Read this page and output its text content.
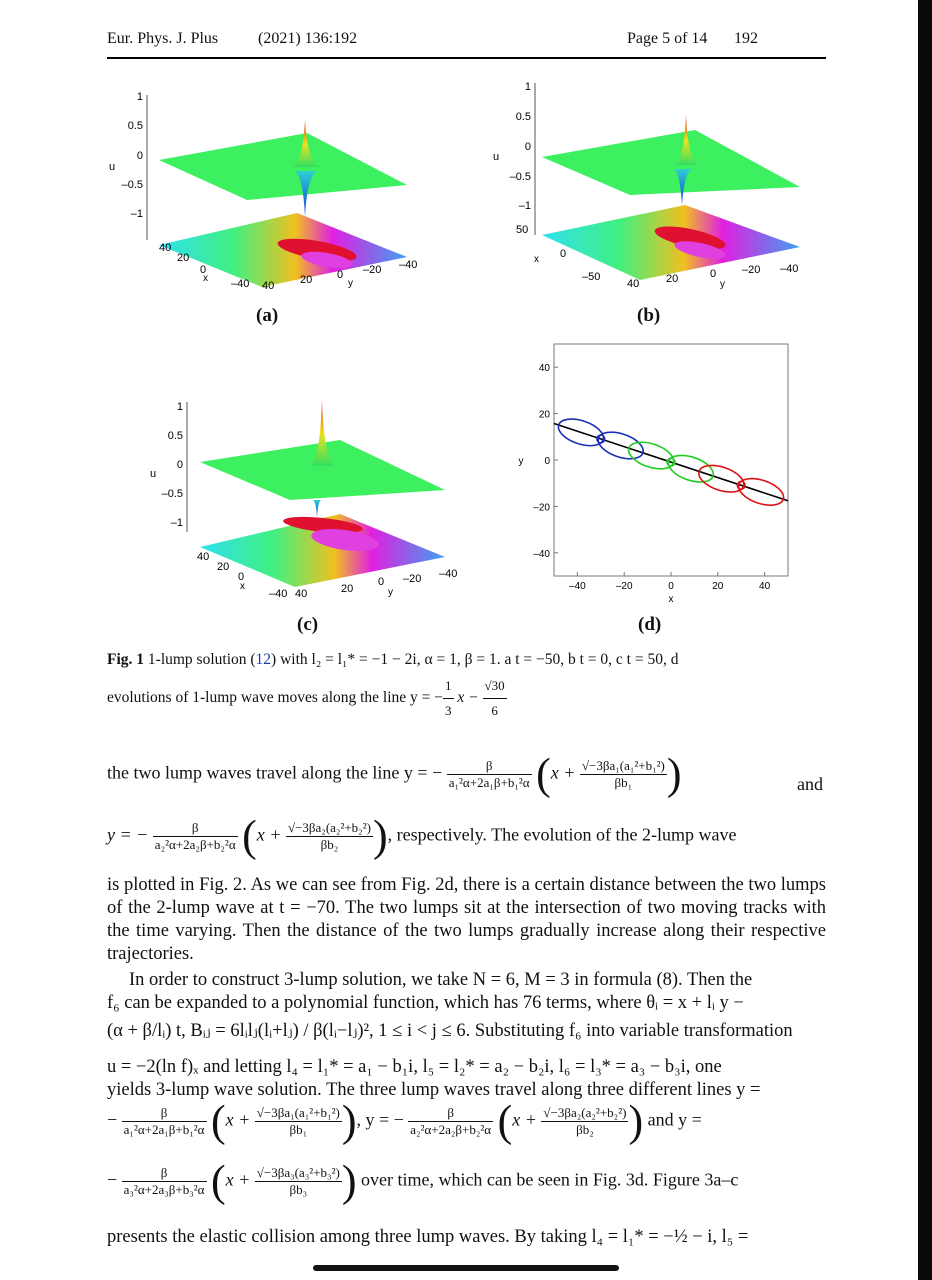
Eur. Phys. J. Plus (2021) 136:192	Page 5 of 14 192
1
0.5
0
–0.5
–1
u
40
20
0
–40
x
40 20 0 –20 –40
y
(a)
1
0.5
0
–0.5
–1
u
50
0
–50
x
40 20	0 –20 –40
y
(b)
1
0.5
0
–0.5
–1
u
40
20
0
–40
x
40	20
0 –20 –40
y
(c)
–40	–20	0	20	40
40
20
0
–20
–40
x
y
(d)
Fig. 1 1-lump solution (12) with l₂ = l₁* = −1 − 2i, α = 1, β = 1. a t = −50, b t = 0, c t = 50, d
evolutions of 1-lump wave moves along the line y = − $\frac{1}{3}$ $x - \frac{√30}{6}$
the two lump waves travel along the line y = − $\frac{\beta}{\text{a₁²α+2a₁β+b₁²α}} (x + \frac{\text{√−3βa₁(a₁²+b₁²)}}{\text{βb₁}}$ )	and
y = − $\frac{\beta}{\text{a₂²α+2a₂β+b₂²α}} (x + \frac{\text{√−3βa₂(a₂²+b₂²)}}{\text{βb₂}}$ ), respectively. The evolution of the 2-lump wave
is plotted in Fig. 2. As we can see from Fig. 2d, there is a certain distance between the two lumps of the 2-lump wave at t = −70. The two lumps sit at the intersection of two moving tracks with the time varying. Then the distance of the two lumps gradually increase along their respective trajectories.
In order to construct 3-lump solution, we take N = 6, M = 3 in formula (8). Then the
f₆ can be expanded to a polynomial function, which has 76 terms, where θᵢ = x + lᵢ y −
(α + β/lᵢ) t, Bᵢⱼ = 6lᵢlⱼ(lᵢ+lⱼ) / β(lᵢ−lⱼ)², 1 ≤ i < j ≤ 6. Substituting f₆ into variable transformation
u = −2(ln f)ₓ and letting l₄ = l₁* = a₁ − b₁i, l₅ = l₂* = a₂ − b₂i, l₆ = l₃* = a₃ − b₃i, one
yields 3-lump wave solution. The three lump waves travel along three different lines y =
− $\frac{\beta}{\text{a₁²α+2a₁β+b₁²α}} (x + \frac{\text{√−3βa₁(a₁²+b₁²)}}{\text{βb₁}}$ ), y = − $\frac{\beta}{\text{a₂²α+2a₂β+b₂²α}} (x + \frac{\text{√−3βa₂(a₂²+b₂²)}}{\text{βb₂}}$ ) and y =
− $\frac{\beta}{\text{a₃²α+2a₃β+b₃²α}} (x + \frac{\text{√−3βa₃(a₃²+b₃²)}}{\text{βb₃}}$ ) over time, which can be seen in Fig. 3d. Figure 3a–c
presents the elastic collision among three lump waves. By taking l₄ = l₁* = −½ − i, l₅ =
